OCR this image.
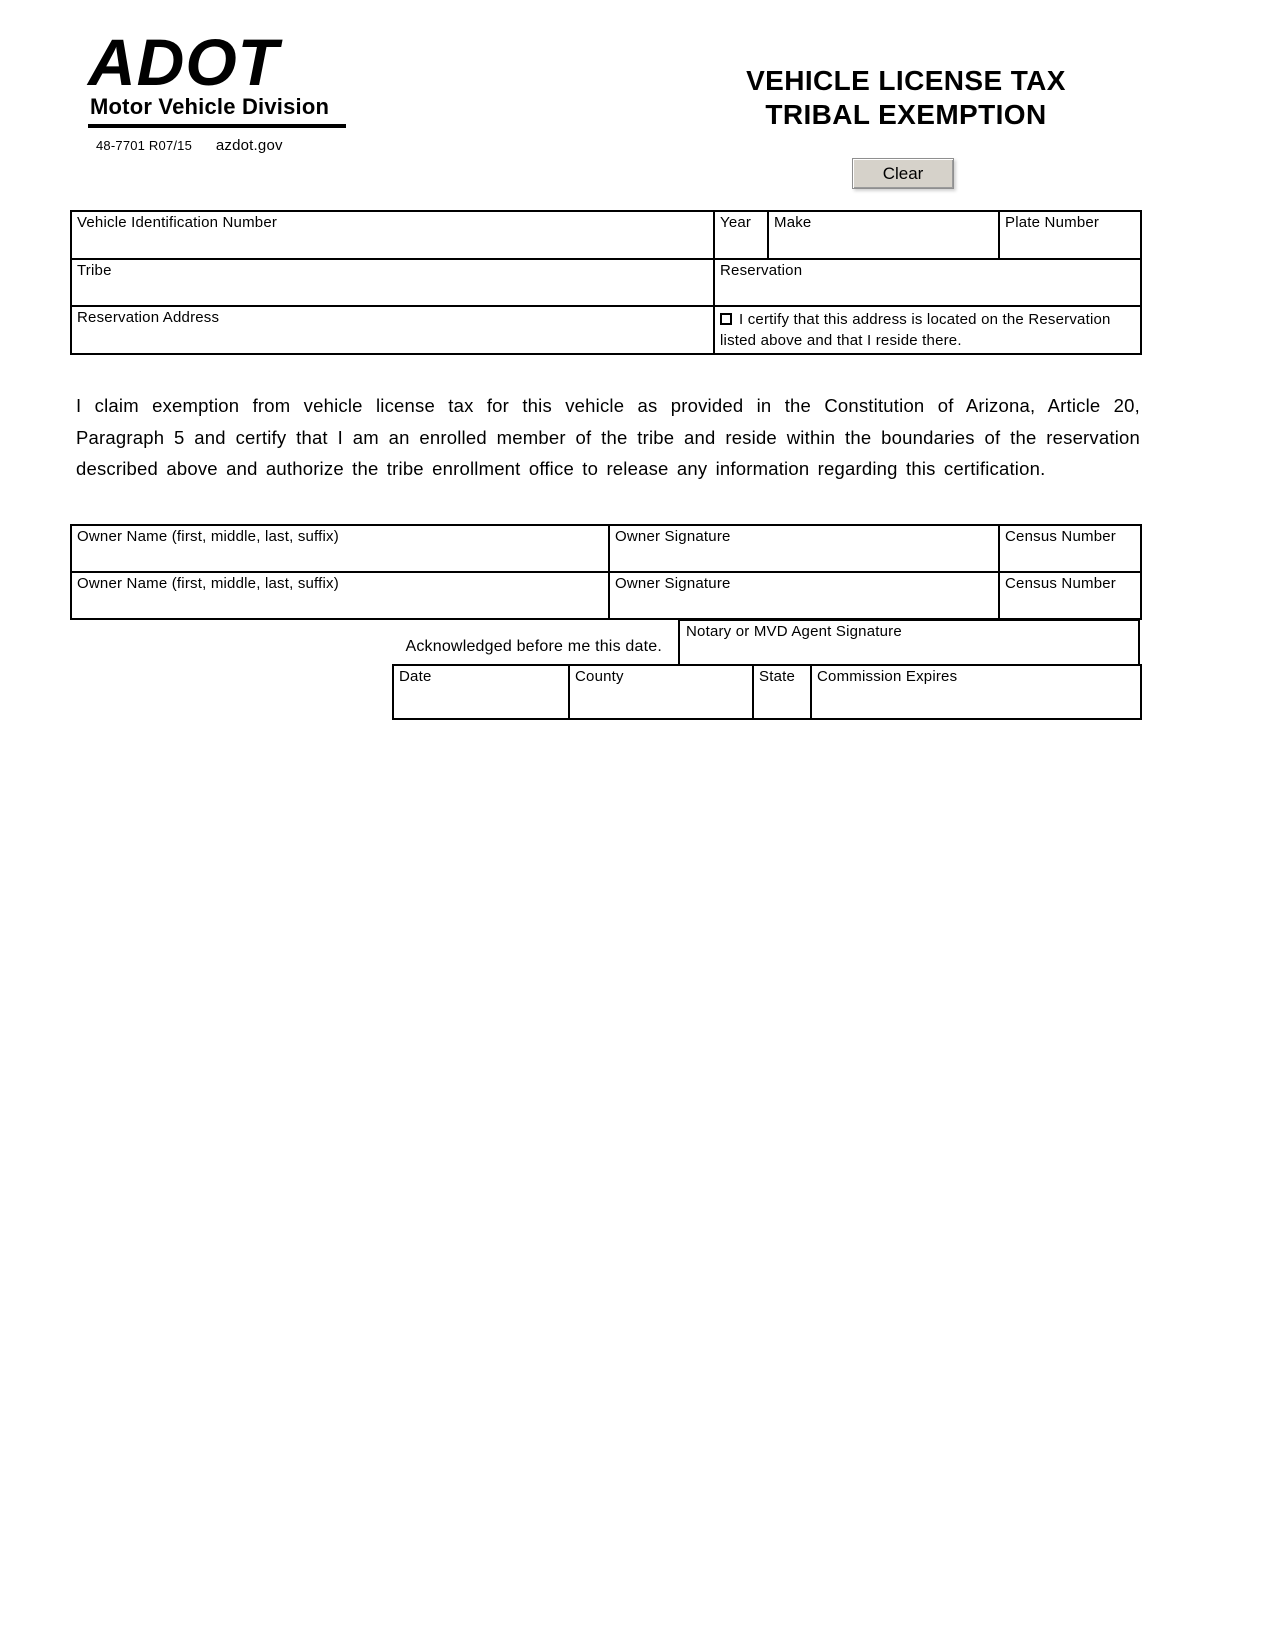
ADOT
Motor Vehicle Division
48-7701 R07/15 azdot.gov
VEHICLE LICENSE TAX
TRIBAL EXEMPTION
Clear
Vehicle Identification Number	Year	Make	Plate Number
Tribe	Reservation		
Reservation Address	I certify that this address is located on the Reservation listed above and that I reside there.		

I claim exemption from vehicle license tax for this vehicle as provided in the Constitution of Arizona, Article 20, Paragraph 5 and certify that I am an enrolled member of the tribe and reside within the boundaries of the reservation described above and authorize the tribe enrollment office to release any information regarding this certification.

Owner Name (first, middle, last, suffix)	Owner Signature	Census Number
Owner Name (first, middle, last, suffix)	Owner Signature	Census Number
Acknowledged before me this date.
Notary or MVD Agent Signature
Date	County	State	Commission Expires
